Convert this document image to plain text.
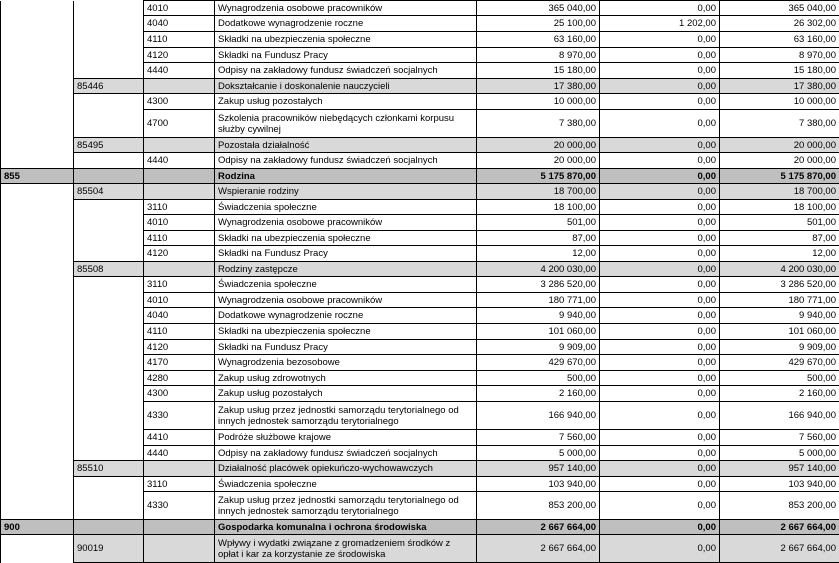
		4010	Wynagrodzenia osobowe pracowników	365 040,00	0,00	365 040,00
		4040	Dodatkowe wynagrodzenie roczne	25 100,00	1 202,00	26 302,00
		4110	Składki na ubezpieczenia społeczne	63 160,00	0,00	63 160,00
		4120	Składki na Fundusz Pracy	8 970,00	0,00	8 970,00
		4440	Odpisy na zakładowy fundusz świadczeń socjalnych	15 180,00	0,00	15 180,00
	85446		Dokształcanie i doskonalenie nauczycieli	17 380,00	0,00	17 380,00
		4300	Zakup usług pozostałych	10 000,00	0,00	10 000,00
		4700	Szkolenia pracowników niebędących członkami korpusu służby cywilnej	7 380,00	0,00	7 380,00
	85495		Pozostała działalność	20 000,00	0,00	20 000,00
		4440	Odpisy na zakładowy fundusz świadczeń socjalnych	20 000,00	0,00	20 000,00
855			Rodzina	5 175 870,00	0,00	5 175 870,00
	85504		Wspieranie rodziny	18 700,00	0,00	18 700,00
		3110	Świadczenia społeczne	18 100,00	0,00	18 100,00
		4010	Wynagrodzenia osobowe pracowników	501,00	0,00	501,00
		4110	Składki na ubezpieczenia społeczne	87,00	0,00	87,00
		4120	Składki na Fundusz Pracy	12,00	0,00	12,00
	85508		Rodziny zastępcze	4 200 030,00	0,00	4 200 030,00
		3110	Świadczenia społeczne	3 286 520,00	0,00	3 286 520,00
		4010	Wynagrodzenia osobowe pracowników	180 771,00	0,00	180 771,00
		4040	Dodatkowe wynagrodzenie roczne	9 940,00	0,00	9 940,00
		4110	Składki na ubezpieczenia społeczne	101 060,00	0,00	101 060,00
		4120	Składki na Fundusz Pracy	9 909,00	0,00	9 909,00
		4170	Wynagrodzenia bezosobowe	429 670,00	0,00	429 670,00
		4280	Zakup usług zdrowotnych	500,00	0,00	500,00
		4300	Zakup usług pozostałych	2 160,00	0,00	2 160,00
		4330	Zakup usług przez jednostki samorządu terytorialnego od innych jednostek samorządu terytorialnego	166 940,00	0,00	166 940,00
		4410	Podróże służbowe krajowe	7 560,00	0,00	7 560,00
		4440	Odpisy na zakładowy fundusz świadczeń socjalnych	5 000,00	0,00	5 000,00
	85510		Działalność placówek opiekuńczo-wychowawczych	957 140,00	0,00	957 140,00
		3110	Świadczenia społeczne	103 940,00	0,00	103 940,00
		4330	Zakup usług przez jednostki samorządu terytorialnego od innych jednostek samorządu terytorialnego	853 200,00	0,00	853 200,00
900			Gospodarka komunalna i ochrona środowiska	2 667 664,00	0,00	2 667 664,00
	90019		Wpływy i wydatki związane z gromadzeniem środków z opłat i kar za korzystanie ze środowiska	2 667 664,00	0,00	2 667 664,00
